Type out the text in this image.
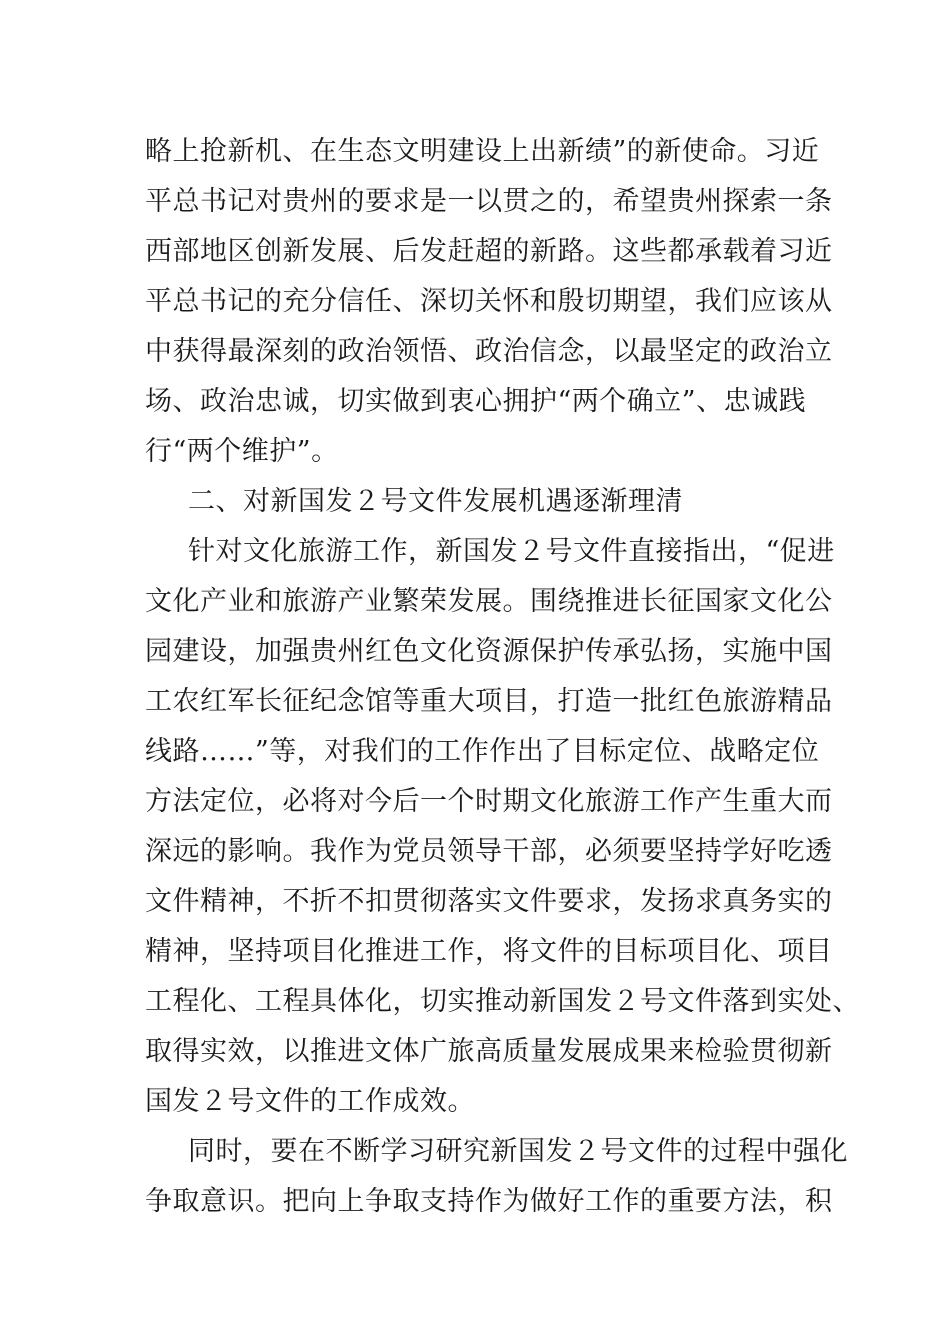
略上抢新机、在生态文明建设上出新绩”的新使命。习近
平总书记对贵州的要求是一以贯之的，希望贵州探索一条
西部地区创新发展、后发赶超的新路。这些都承载着习近
平总书记的充分信任、深切关怀和殷切期望，我们应该从
中获得最深刻的政治领悟、政治信念，以最坚定的政治立
场、政治忠诚，切实做到衷心拥护“两个确立”、忠诚践
行“两个维护”。
二、对新国发２号文件发展机遇逐渐理清
针对文化旅游工作，新国发２号文件直接指出，“促进
文化产业和旅游产业繁荣发展。围绕推进长征国家文化公
园建设，加强贵州红色文化资源保护传承弘扬，实施中国
工农红军长征纪念馆等重大项目，打造一批红色旅游精品
线路……”等，对我们的工作作出了目标定位、战略定位
方法定位，必将对今后一个时期文化旅游工作产生重大而
深远的影响。我作为党员领导干部，必须要坚持学好吃透
文件精神，不折不扣贯彻落实文件要求，发扬求真务实的
精神，坚持项目化推进工作，将文件的目标项目化、项目
工程化、工程具体化，切实推动新国发２号文件落到实处、
取得实效，以推进文体广旅高质量发展成果来检验贯彻新
国发２号文件的工作成效。
同时，要在不断学习研究新国发２号文件的过程中强化
争取意识。把向上争取支持作为做好工作的重要方法，积
